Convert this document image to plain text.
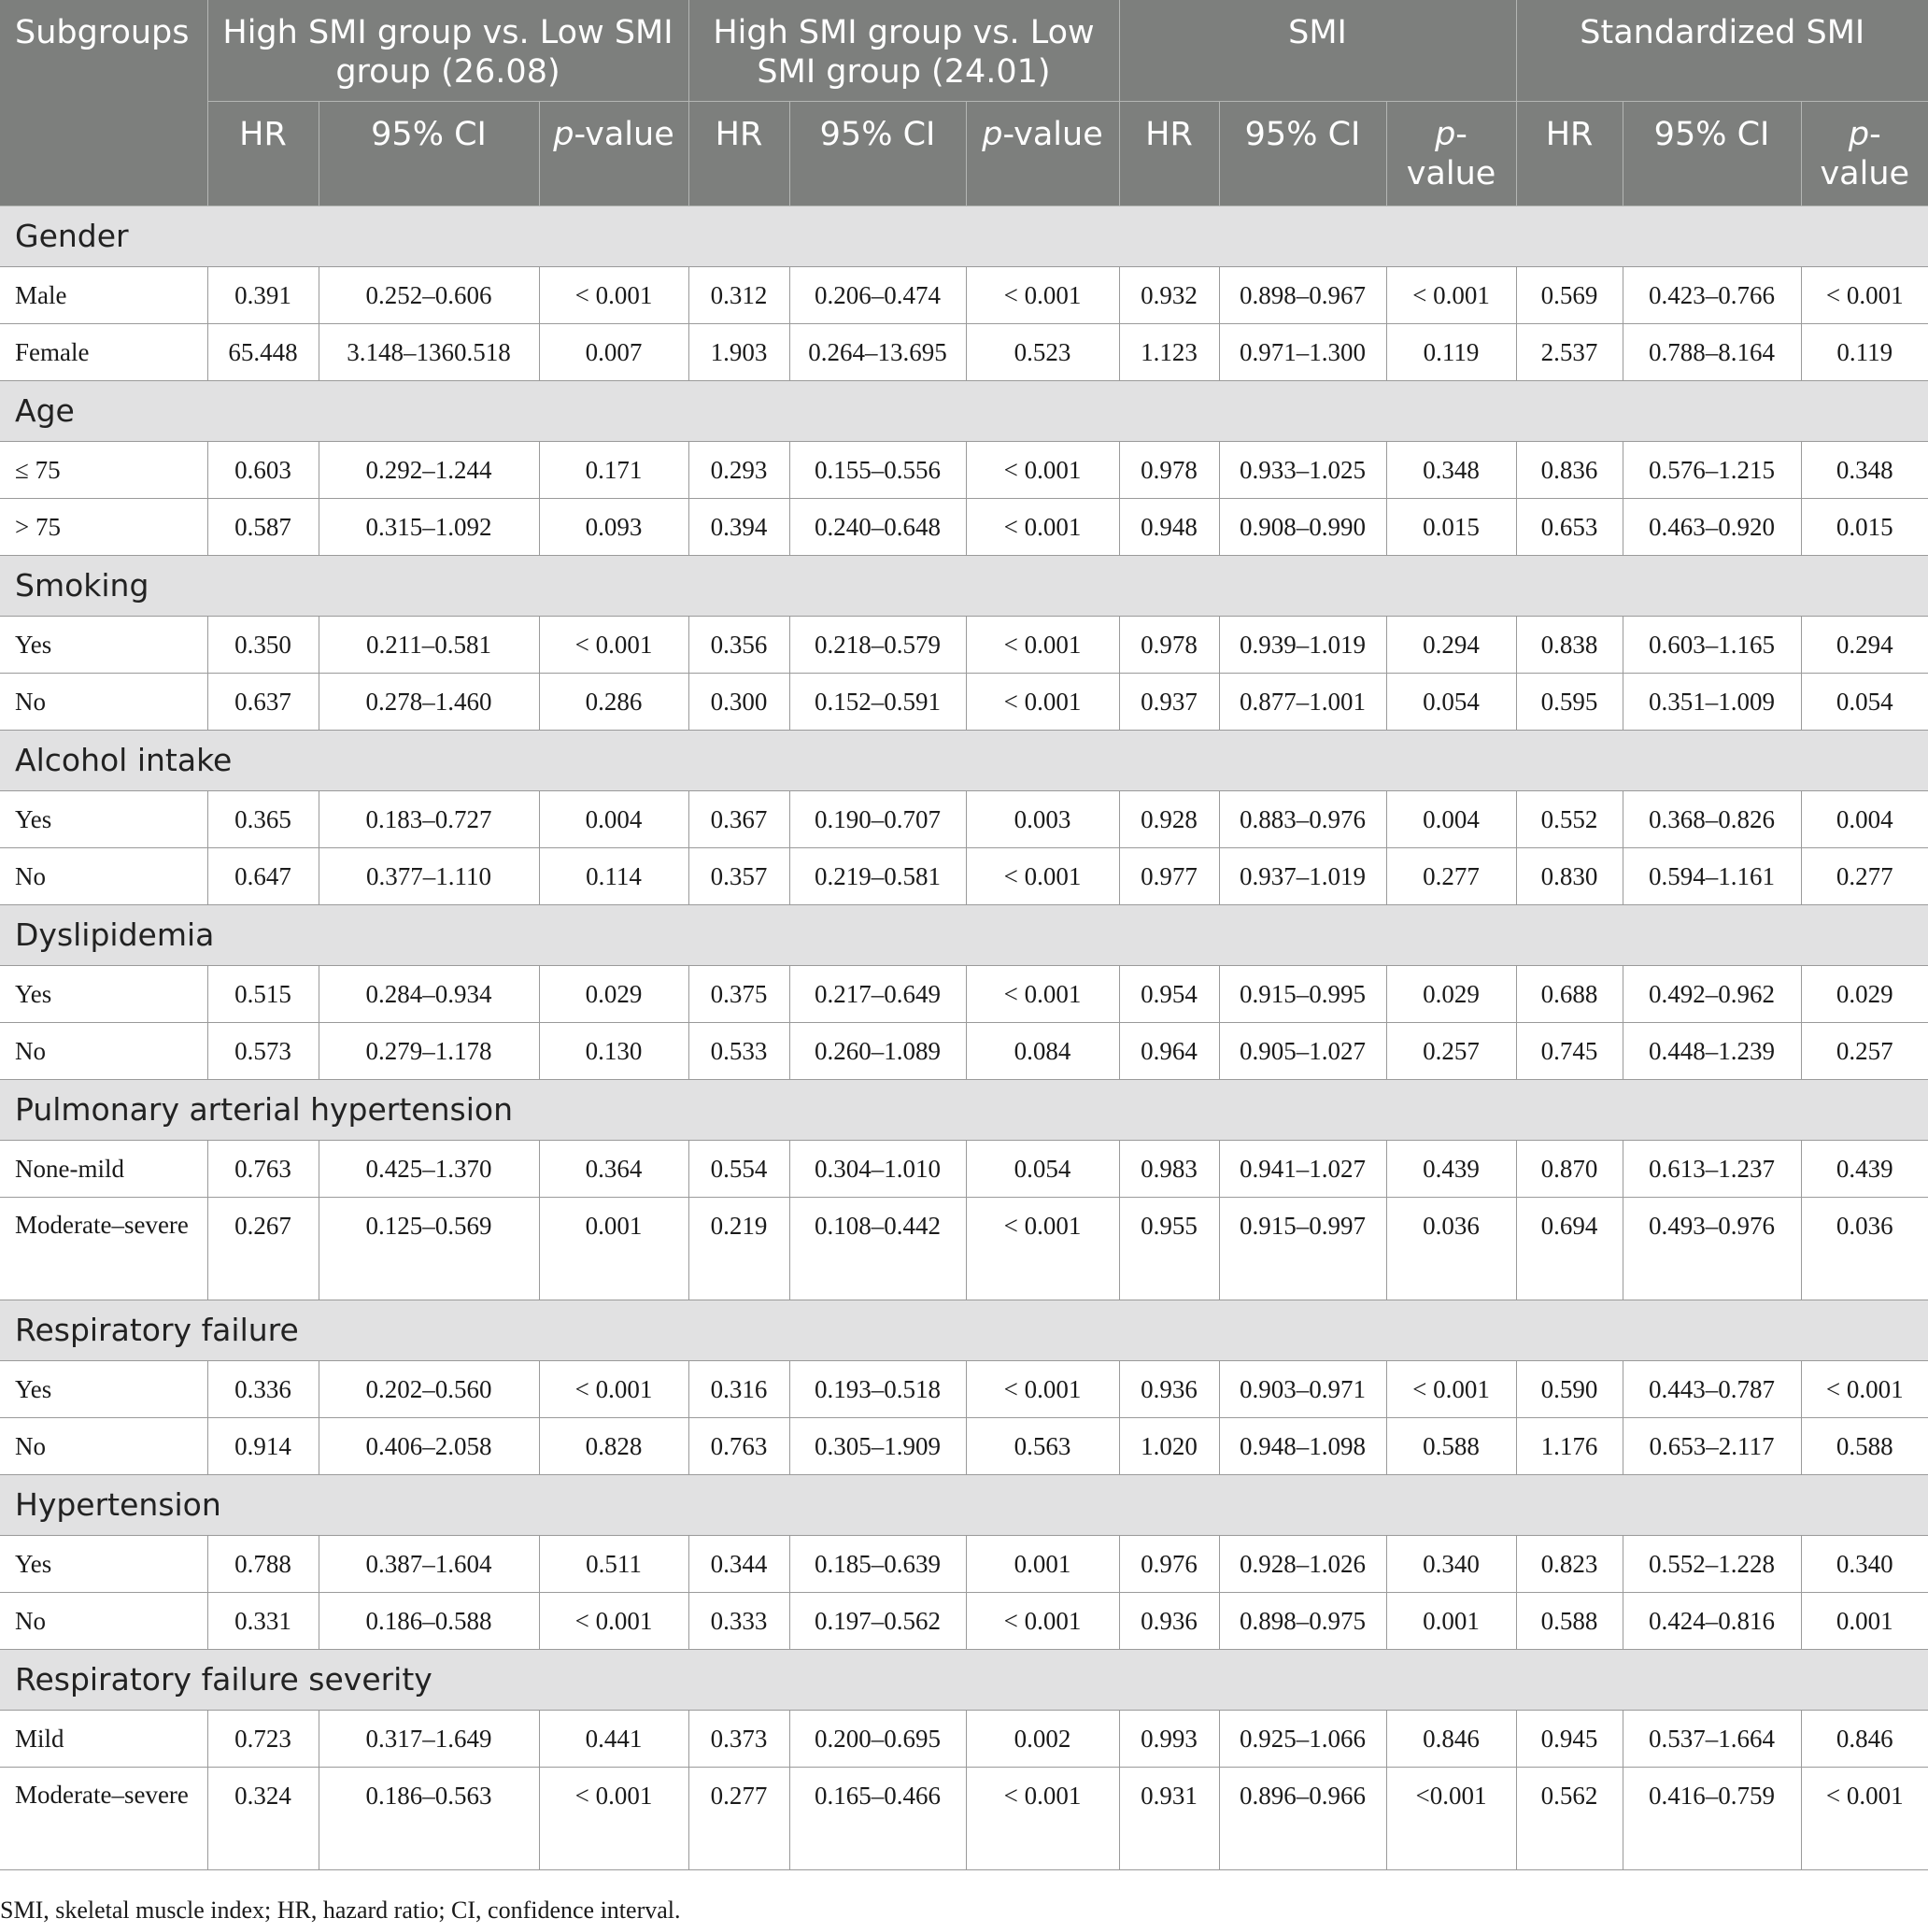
Subgroups	High SMI group vs. Low SMI group (26.08)			High SMI group vs. Low SMI group (24.01)			SMI			Standardized SMI		
	HR	95% CI	p-value	HR	95% CI	p-value	HR	95% CI	p-value	HR	95% CI	p-value
Gender												
Male	0.391	0.252–0.606	< 0.001	0.312	0.206–0.474	< 0.001	0.932	0.898–0.967	< 0.001	0.569	0.423–0.766	< 0.001
Female	65.448	3.148–1360.518	0.007	1.903	0.264–13.695	0.523	1.123	0.971–1.300	0.119	2.537	0.788–8.164	0.119
Age												
≤ 75	0.603	0.292–1.244	0.171	0.293	0.155–0.556	< 0.001	0.978	0.933–1.025	0.348	0.836	0.576–1.215	0.348
> 75	0.587	0.315–1.092	0.093	0.394	0.240–0.648	< 0.001	0.948	0.908–0.990	0.015	0.653	0.463–0.920	0.015
Smoking												
Yes	0.350	0.211–0.581	< 0.001	0.356	0.218–0.579	< 0.001	0.978	0.939–1.019	0.294	0.838	0.603–1.165	0.294
No	0.637	0.278–1.460	0.286	0.300	0.152–0.591	< 0.001	0.937	0.877–1.001	0.054	0.595	0.351–1.009	0.054
Alcohol intake												
Yes	0.365	0.183–0.727	0.004	0.367	0.190–0.707	0.003	0.928	0.883–0.976	0.004	0.552	0.368–0.826	0.004
No	0.647	0.377–1.110	0.114	0.357	0.219–0.581	< 0.001	0.977	0.937–1.019	0.277	0.830	0.594–1.161	0.277
Dyslipidemia												
Yes	0.515	0.284–0.934	0.029	0.375	0.217–0.649	< 0.001	0.954	0.915–0.995	0.029	0.688	0.492–0.962	0.029
No	0.573	0.279–1.178	0.130	0.533	0.260–1.089	0.084	0.964	0.905–1.027	0.257	0.745	0.448–1.239	0.257
Pulmonary arterial hypertension												
None-mild	0.763	0.425–1.370	0.364	0.554	0.304–1.010	0.054	0.983	0.941–1.027	0.439	0.870	0.613–1.237	0.439
Moderate–severe	0.267	0.125–0.569	0.001	0.219	0.108–0.442	< 0.001	0.955	0.915–0.997	0.036	0.694	0.493–0.976	0.036
Respiratory failure												
Yes	0.336	0.202–0.560	< 0.001	0.316	0.193–0.518	< 0.001	0.936	0.903–0.971	< 0.001	0.590	0.443–0.787	< 0.001
No	0.914	0.406–2.058	0.828	0.763	0.305–1.909	0.563	1.020	0.948–1.098	0.588	1.176	0.653–2.117	0.588
Hypertension												
Yes	0.788	0.387–1.604	0.511	0.344	0.185–0.639	0.001	0.976	0.928–1.026	0.340	0.823	0.552–1.228	0.340
No	0.331	0.186–0.588	< 0.001	0.333	0.197–0.562	< 0.001	0.936	0.898–0.975	0.001	0.588	0.424–0.816	0.001
Respiratory failure severity												
Mild	0.723	0.317–1.649	0.441	0.373	0.200–0.695	0.002	0.993	0.925–1.066	0.846	0.945	0.537–1.664	0.846
Moderate–severe	0.324	0.186–0.563	< 0.001	0.277	0.165–0.466	< 0.001	0.931	0.896–0.966	<0.001	0.562	0.416–0.759	< 0.001
SMI, skeletal muscle index; HR, hazard ratio; CI, confidence interval.
